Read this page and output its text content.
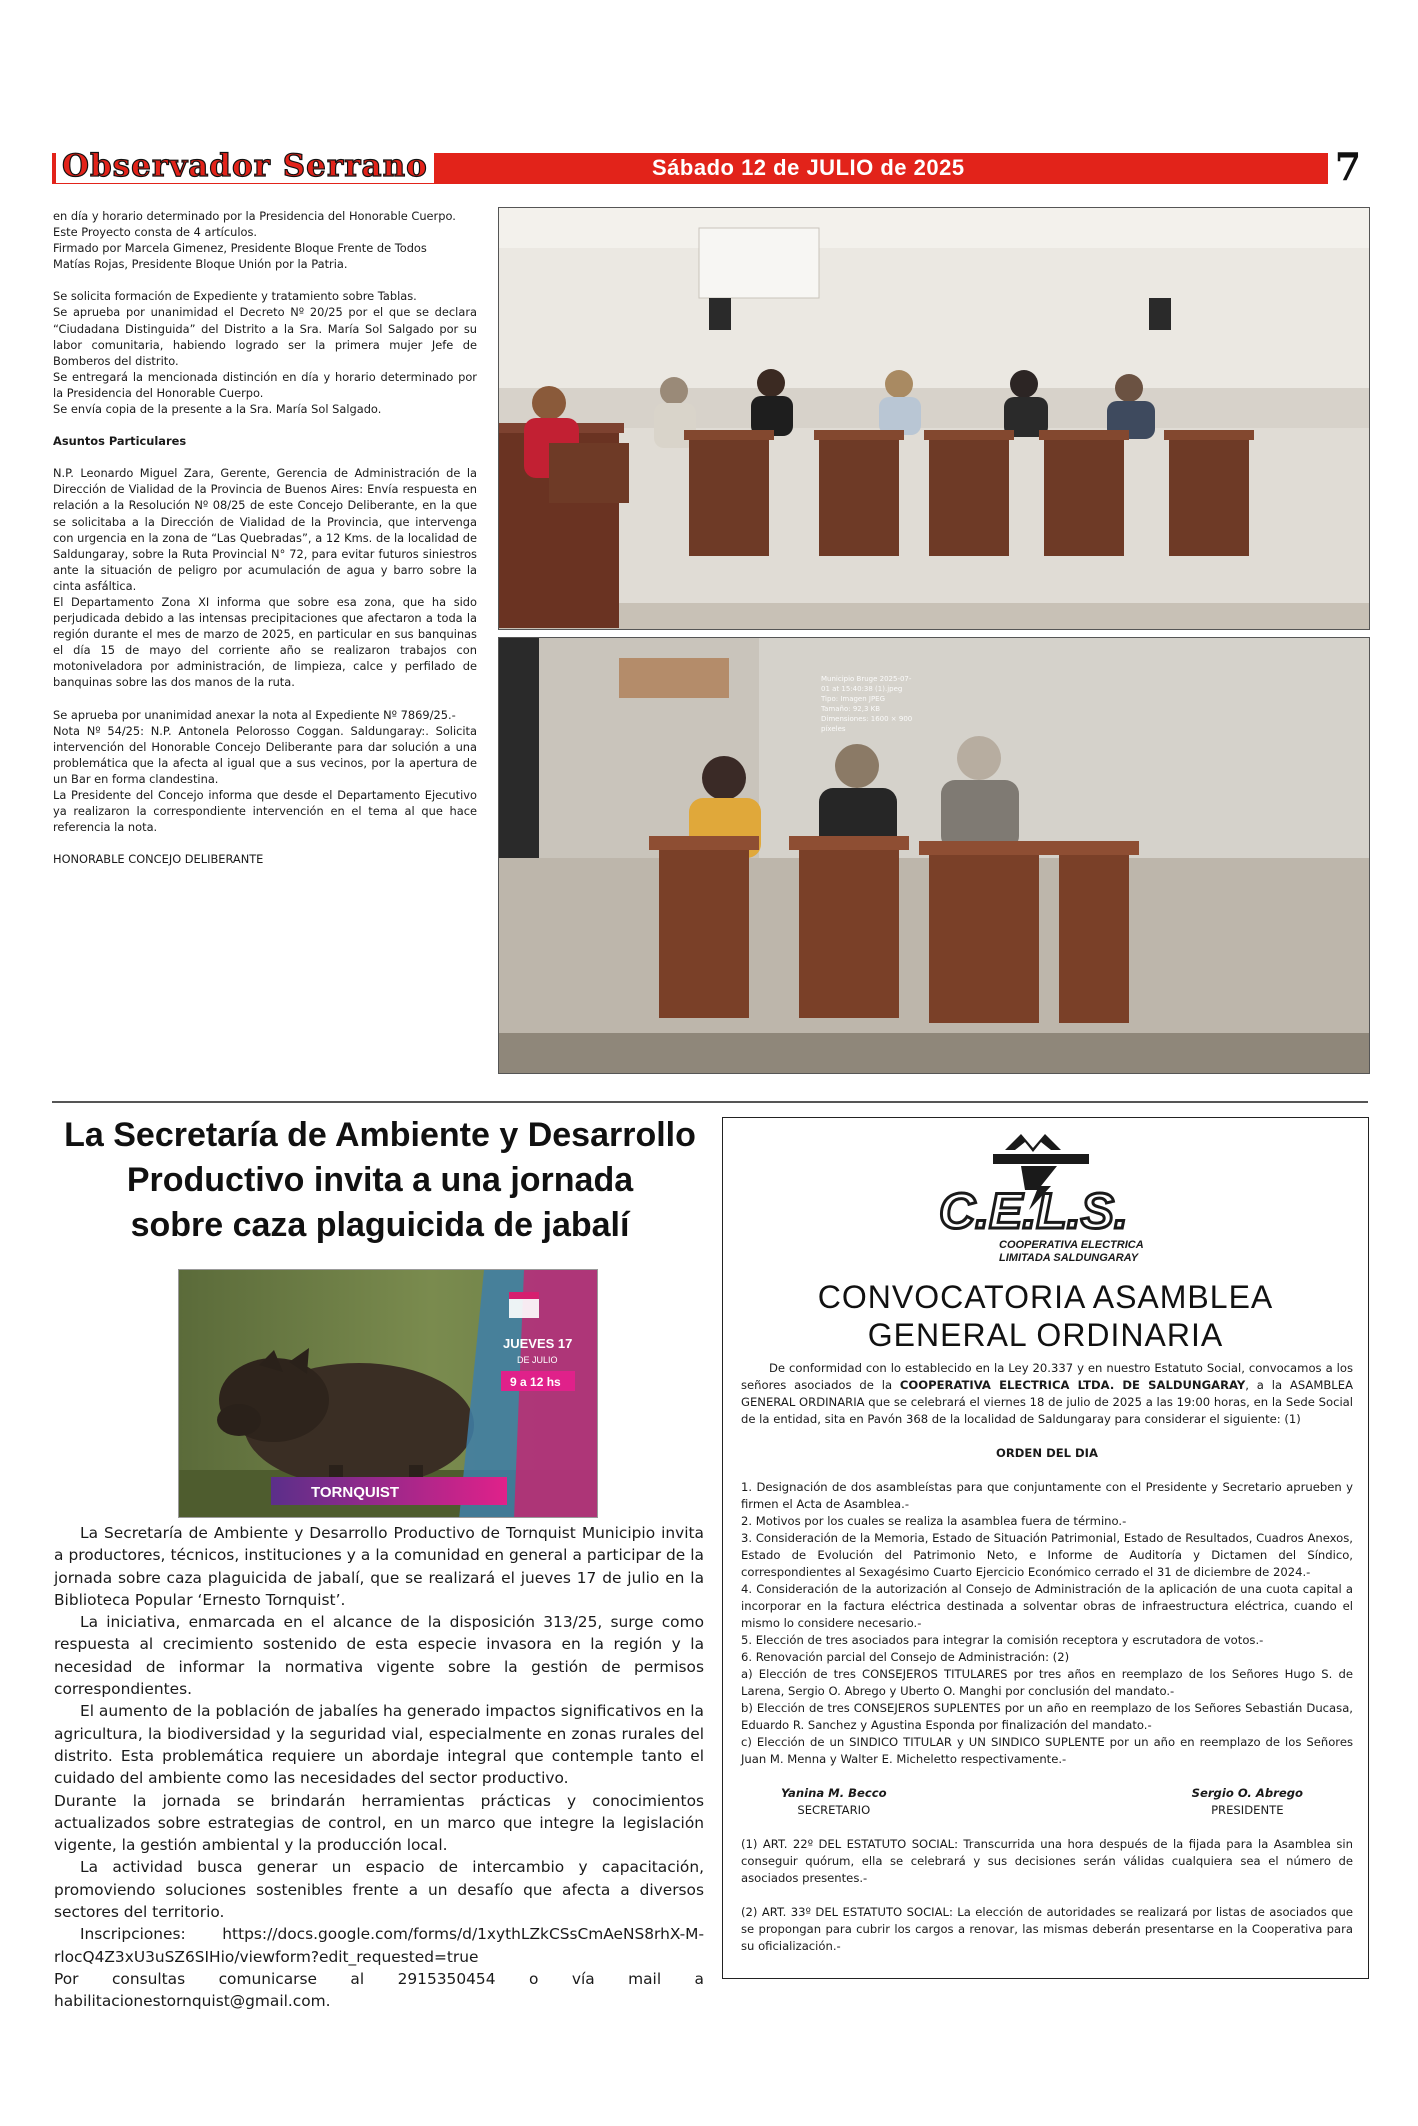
Observador Serrano	Sábado 12 de JULIO de 2025	7

en día y horario determinado por la Presidencia del Honorable Cuerpo.

Este Proyecto consta de 4 artículos.

Firmado por Marcela Gimenez, Presidente Bloque Frente de Todos

Matías Rojas, Presidente Bloque Unión por la Patria.

Se solicita formación de Expediente y tratamiento sobre Tablas.

Se aprueba por unanimidad el Decreto Nº 20/25 por el que se declara “Ciudadana Distinguida” del Distrito a la Sra. María Sol Salgado por su labor comunitaria, habiendo logrado ser la primera mujer Jefe de Bomberos del distrito.

Se entregará la mencionada distinción en día y horario determinado por la Presidencia del Honorable Cuerpo.

Se envía copia de la presente a la Sra. María Sol Salgado.

Asuntos Particulares

N.P. Leonardo Miguel Zara, Gerente, Gerencia de Administración de la Dirección de Vialidad de la Provincia de Buenos Aires: Envía respuesta en relación a la Resolución Nº 08/25 de este Concejo Deliberante, en la que se solicitaba a la Dirección de Vialidad de la Provincia, que intervenga con urgencia en la zona de “Las Quebradas”, a 12 Kms. de la localidad de Saldungaray, sobre la Ruta Provincial N° 72, para evitar futuros siniestros ante la situación de peligro por acumulación de agua y barro sobre la cinta asfáltica.

El Departamento Zona XI informa que sobre esa zona, que ha sido perjudicada debido a las intensas precipitaciones que afectaron a toda la región durante el mes de marzo de 2025, en particular en sus banquinas el día 15 de mayo del corriente año se realizaron trabajos con motoniveladora por administración, de limpieza, calce y perfilado de banquinas sobre las dos manos de la ruta.

Se aprueba por unanimidad anexar la nota al Expediente Nº 7869/25.-

Nota Nº 54/25: N.P. Antonela Pelorosso Coggan. Saldungaray:. Solicita intervención del Honorable Concejo Deliberante para dar solución a una problemática que la afecta al igual que a sus vecinos, por la apertura de un Bar en forma clandestina.

La Presidente del Concejo informa que desde el Departamento Ejecutivo ya realizaron la correspondiente intervención en el tema al que hace referencia la nota.

HONORABLE CONCEJO DELIBERANTE

Municipio Bruge 2025-07-
01 at 15:40:38 (1).jpeg
Tipo: Imagen JPEG
Tamaño: 92,3 KB
Dimensiones: 1600 × 900
píxeles
La Secretaría de Ambiente y Desarrollo
Productivo invita a una jornada
sobre caza plaguicida de jabalí
JUEVES 17
DE JULIO
9 a 12 hs
TORNQUIST

La Secretaría de Ambiente y Desarrollo Productivo de Tornquist Municipio invita a productores, técnicos, instituciones y a la comunidad en general a participar de la jornada sobre caza plaguicida de jabalí, que se realizará el jueves 17 de julio en la Biblioteca Popular ‘Ernesto Tornquist’.

La iniciativa, enmarcada en el alcance de la disposición 313/25, surge como respuesta al crecimiento sostenido de esta especie invasora en la región y la necesidad de informar la normativa vigente sobre la gestión de permisos correspondientes.

El aumento de la población de jabalíes ha generado impactos significativos en la agricultura, la biodiversidad y la seguridad vial, especialmente en zonas rurales del distrito. Esta problemática requiere un abordaje integral que contemple tanto el cuidado del ambiente como las necesidades del sector productivo.

Durante la jornada se brindarán herramientas prácticas y conocimientos actualizados sobre estrategias de control, en un marco que integre la legislación vigente, la gestión ambiental y la producción local.

La actividad busca generar un espacio de intercambio y capacitación, promoviendo soluciones sostenibles frente a un desafío que afecta a diversos sectores del territorio.

Inscripciones: https://docs.google.com/forms/d/1xythLZkCSsCmAeNS8rhX-M-rlocQ4Z3xU3uSZ6SIHio/viewform?edit_requested=true

Por consultas comunicarse al 2915350454 o vía mail a habilitacionestornquist@gmail.com.

C.E.L.S.
COOPERATIVA ELECTRICA
LIMITADA SALDUNGARAY
CONVOCATORIA ASAMBLEA
GENERAL ORDINARIA

De conformidad con lo establecido en la Ley 20.337 y en nuestro Estatuto Social, convocamos a los señores asociados de la COOPERATIVA ELECTRICA LTDA. DE SALDUNGARAY, a la ASAMBLEA GENERAL ORDINARIA que se celebrará el viernes 18 de julio de 2025 a las 19:00 horas, en la Sede Social de la entidad, sita en Pavón 368 de la localidad de Saldungaray para considerar el siguiente: (1)

ORDEN DEL DIA

1. Designación de dos asambleístas para que conjuntamente con el Presidente y Secretario aprueben y firmen el Acta de Asamblea.-

2. Motivos por los cuales se realiza la asamblea fuera de término.-

3. Consideración de la Memoria, Estado de Situación Patrimonial, Estado de Resultados, Cuadros Anexos, Estado de Evolución del Patrimonio Neto, e Informe de Auditoría y Dictamen del Síndico, correspondientes al Sexagésimo Cuarto Ejercicio Económico cerrado el 31 de diciembre de 2024.-

4. Consideración de la autorización al Consejo de Administración de la aplicación de una cuota capital a incorporar en la factura eléctrica destinada a solventar obras de infraestructura eléctrica, cuando el mismo lo considere necesario.-

5. Elección de tres asociados para integrar la comisión receptora y escrutadora de votos.-

6. Renovación parcial del Consejo de Administración: (2)

a) Elección de tres CONSEJEROS TITULARES por tres años en reemplazo de los Señores Hugo S. de Larena, Sergio O. Abrego y Uberto O. Manghi por conclusión del mandato.-

b) Elección de tres CONSEJEROS SUPLENTES por un año en reemplazo de los Señores Sebastián Ducasa, Eduardo R. Sanchez y Agustina Esponda por finalización del mandato.-

c) Elección de un SINDICO TITULAR y UN SINDICO SUPLENTE por un año en reemplazo de los Señores Juan M. Menna y Walter E. Micheletto respectivamente.-

Yanina M. Becco
SECRETARIO
Sergio O. Abrego
PRESIDENTE

(1) ART. 22º DEL ESTATUTO SOCIAL: Transcurrida una hora después de la fijada para la Asamblea sin conseguir quórum, ella se celebrará y sus decisiones serán válidas cualquiera sea el número de asociados presentes.-

(2) ART. 33º DEL ESTATUTO SOCIAL: La elección de autoridades se realizará por listas de asociados que se propongan para cubrir los cargos a renovar, las mismas deberán presentarse en la Cooperativa para su oficialización.-
